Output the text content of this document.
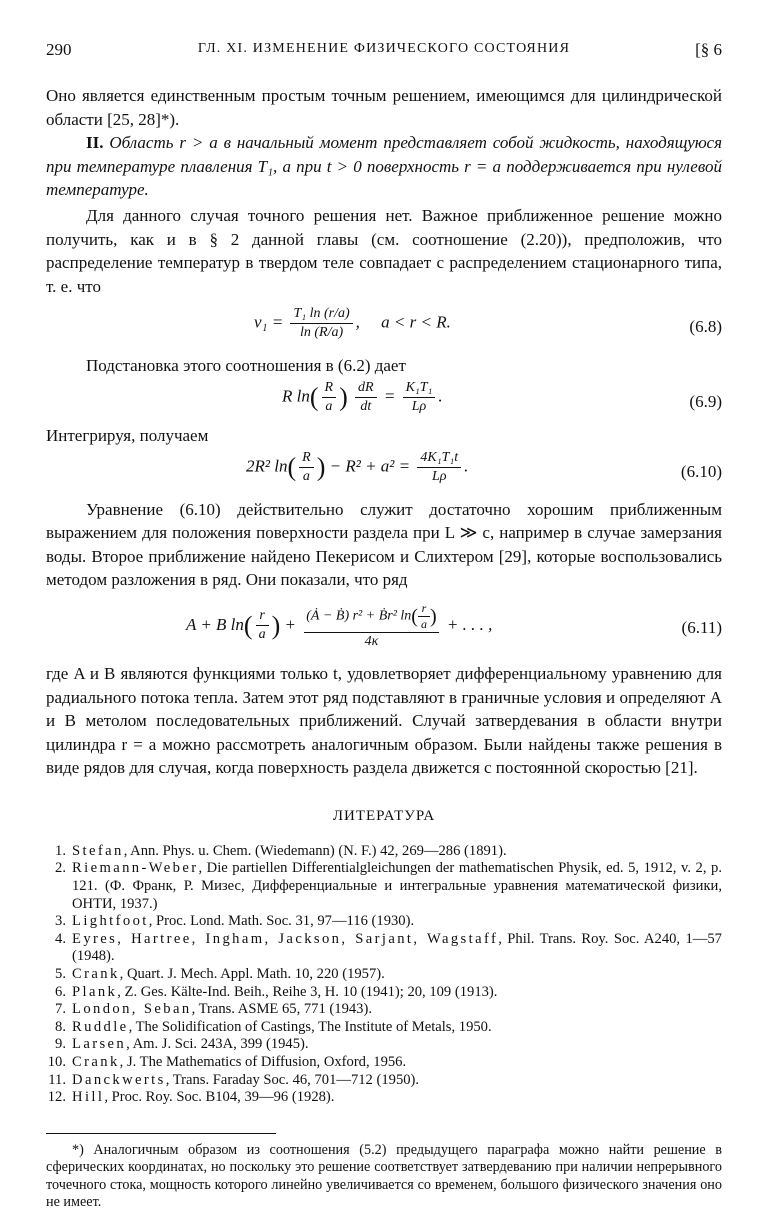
290	ГЛ. XI. ИЗМЕНЕНИЕ ФИЗИЧЕСКОГО СОСТОЯНИЯ	[§ 6

Оно является единственным простым точным решением, имеющимся для цилиндрической области [25, 28]*).

II. Область r > a в начальный момент представляет собой жидкость, находящуюся при температуре плавления T₁, а при t > 0 поверхность r = a поддерживается при нулевой температуре.

Для данного случая точного решения нет. Важное приближенное решение можно получить, как и в § 2 данной главы (см. соотношение (2.20)), предположив, что распределение температур в твердом теле совпадает с распределением стационарного типа, т. е. что

$v_1 = \frac{\text{T₁ ln (r/a)}}{\ln (R/a)}$ ,     a < r < R.	(6.8)

Подстановка этого соотношения в (6.2) дает

R $\ln( \frac{R}{a}$ ) $\frac{dR}{dt} = \frac{\text{K₁T₁}}{L\rho}$ .	(6.9)

Интегрируя, получаем

2R² $\ln( \frac{R}{a}$ ) − $R^2 + a^2 = \frac{\text{4K₁T₁t}}{L\rho}$ .	(6.10)

Уравнение (6.10) действительно служит достаточно хорошим приближенным выражением для положения поверхности раздела при L ≫ c, например в случае замерзания воды. Второе приближение найдено Пекерисом и Слихтером [29], которые воспользовались методом разложения в ряд. Они показали, что ряд

A + B $\ln( \frac{r}{a}$ ) + $\frac{(Ȧ - Ḃ) r^2 + Ḃr^2 \ln( \frac{r}{a} )}{4\kappa}$ + . . . ,	(6.11)

где A и B являются функциями только t, удовлетворяет дифференциальному уравнению для радиального потока тепла. Затем этот ряд подставляют в граничные условия и определяют A и B метолом последовательных приближений. Случай затвердевания в области внутри цилиндра r = a можно рассмотреть аналогичным образом. Были найдены также решения в виде рядов для случая, когда поверхность раздела движется с постоянной скоростью [21].

ЛИТЕРАТУРА
1. Stefan, Ann. Phys. u. Chem. (Wiedemann) (N. F.) 42, 269—286 (1891).
2. Riemann-Weber, Die partiellen Differentialgleichungen der mathematischen Physik, ed. 5, 1912, v. 2, p. 121. (Ф. Франк, Р. Мизес, Дифференциальные и интегральные уравнения математической физики, ОНТИ, 1937.)
3. Lightfoot, Proc. Lond. Math. Soc. 31, 97—116 (1930).
4. Eyres, Hartree, Ingham, Jackson, Sarjant, Wagstaff, Phil. Trans. Roy. Soc. A240, 1—57 (1948).
5. Crank, Quart. J. Mech. Appl. Math. 10, 220 (1957).
6. Plank, Z. Ges. Kälte-Ind. Beih., Reihe 3, H. 10 (1941); 20, 109 (1913).
7. London, Seban, Trans. ASME 65, 771 (1943).
8. Ruddle, The Solidification of Castings, The Institute of Metals, 1950.
9. Larsen, Am. J. Sci. 243A, 399 (1945).
10. Crank, J. The Mathematics of Diffusion, Oxford, 1956.
11. Danckwerts, Trans. Faraday Soc. 46, 701—712 (1950).
12. Hill, Proc. Roy. Soc. B104, 39—96 (1928).

*) Аналогичным образом из соотношения (5.2) предыдущего параграфа можно найти решение в сферических координатах, но поскольку это решение соответствует затвердеванию при наличии непрерывного точечного стока, мощность которого линейно увеличивается со временем, большого физического значения оно не имеет.
